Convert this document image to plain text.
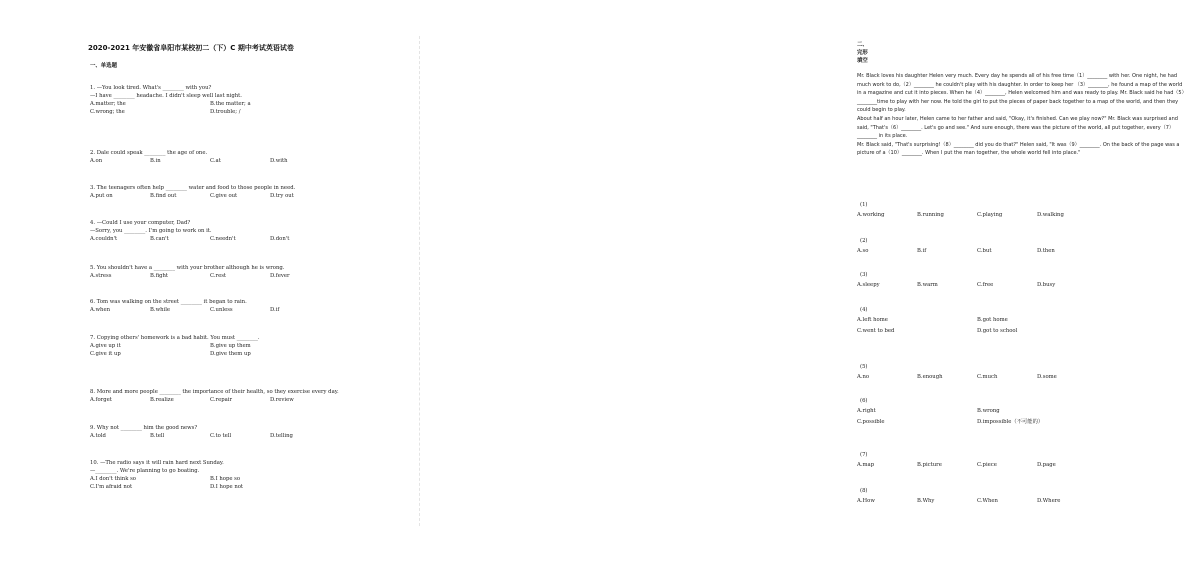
2020-2021 年安徽省阜阳市某校初二（下）C 期中考试英语试卷
一、单选题
1. —You look tired. What's ________ with you?
—I have ________ headache. I didn't sleep well last night.
A.matter; the	B.the matter; a
C.wrong; the	D.trouble; /
2. Dale could speak ________ the age of one.
A.on	B.in	C.at	D.with
3. The teenagers often help ________ water and food to those people in need.
A.put on	B.find out	C.give out	D.try out
4. —Could I use your computer, Dad?
—Sorry, you ________. I'm going to work on it.
A.couldn't	B.can't	C.needn't	D.don't
5. You shouldn't have a ________ with your brother although he is wrong.
A.stress	B.fight	C.rest	D.fever
6. Tom was walking on the street ________ it began to rain.
A.when	B.while	C.unless	D.if
7. Copying others' homework is a bad habit. You must ________.
A.give up it	B.give up them
C.give it up	D.give them up
8. More and more people ________ the importance of their health, so they exercise every day.
A.forget	B.realize	C.repair	D.review
9. Why not ________ him the good news?
A.told	B.tell	C.to tell	D.telling
10. —The radio says it will rain hard next Sunday.
—________. We're planning to go boating.
A.I don't think so	B.I hope so
C.I'm afraid not	D.I hope not
二、完形填空

Mr. Black loves his daughter Helen very much. Every day he spends all of his free time（1）________ with her. One night, he had much work to do,（2）________ he couldn't play with his daughter. In order to keep her （3）________, he found a map of the world in a magazine and cut it into pieces. When he（4）________, Helen welcomed him and was ready to play. Mr. Black said he had（5）________time to play with her now. He told the girl to put the pieces of paper back together to a map of the world, and then they could begin to play.

About half an hour later, Helen came to her father and said, "Okay, it's finished. Can we play now?" Mr. Black was surprised and said, "That's（6）________. Let's go and see." And sure enough, there was the picture of the world, all put together, every（7）________ in its place.

Mr. Black said, "That's surprising!（8）________ did you do that?" Helen said, "It was（9）________. On the back of the page was a picture of a（10）________. When I put the man together, the whole world fell into place."

(1)
A.working	B.running	C.playing	D.walking
(2)
A.so	B.if	C.but	D.then
(3)
A.sleepy	B.warm	C.free	D.busy
(4)
A.left home	B.got home
C.went to bed	D.got to school
(5)
A.no	B.enough	C.much	D.some
(6)
A.right	B.wrong
C.possible	D.impossible（不可能的）
(7)
A.map	B.picture	C.piece	D.page
(8)
A.How	B.Why	C.When	D.Where
